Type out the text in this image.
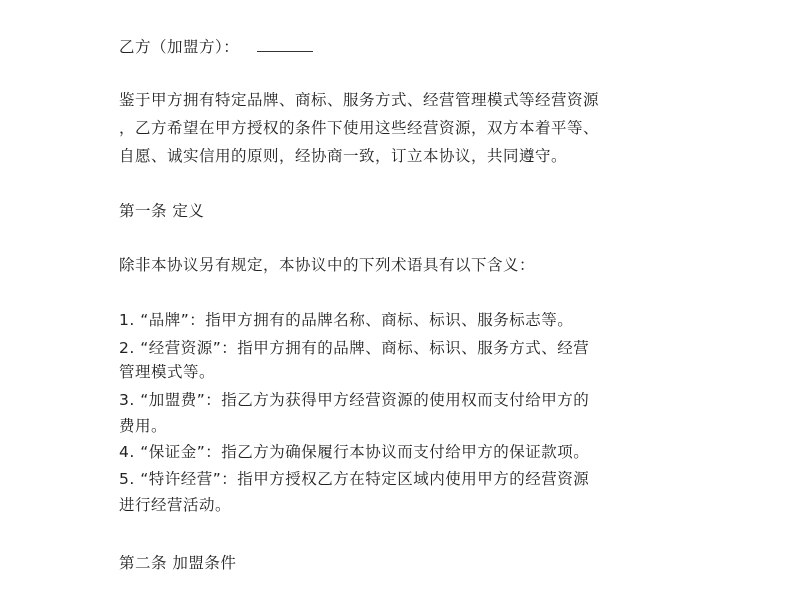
乙方（加盟方）：
鉴于甲方拥有特定品牌、商标、服务方式、经营管理模式等经营资源
，乙方希望在甲方授权的条件下使用这些经营资源，双方本着平等、
自愿、诚实信用的原则，经协商一致，订立本协议，共同遵守。
第一条 定义
除非本协议另有规定，本协议中的下列术语具有以下含义：
1. “品牌”：指甲方拥有的品牌名称、商标、标识、服务标志等。
2. “经营资源”：指甲方拥有的品牌、商标、标识、服务方式、经营
管理模式等。
3. “加盟费”：指乙方为获得甲方经营资源的使用权而支付给甲方的
费用。
4. “保证金”：指乙方为确保履行本协议而支付给甲方的保证款项。
5. “特许经营”：指甲方授权乙方在特定区域内使用甲方的经营资源
进行经营活动。
第二条 加盟条件
